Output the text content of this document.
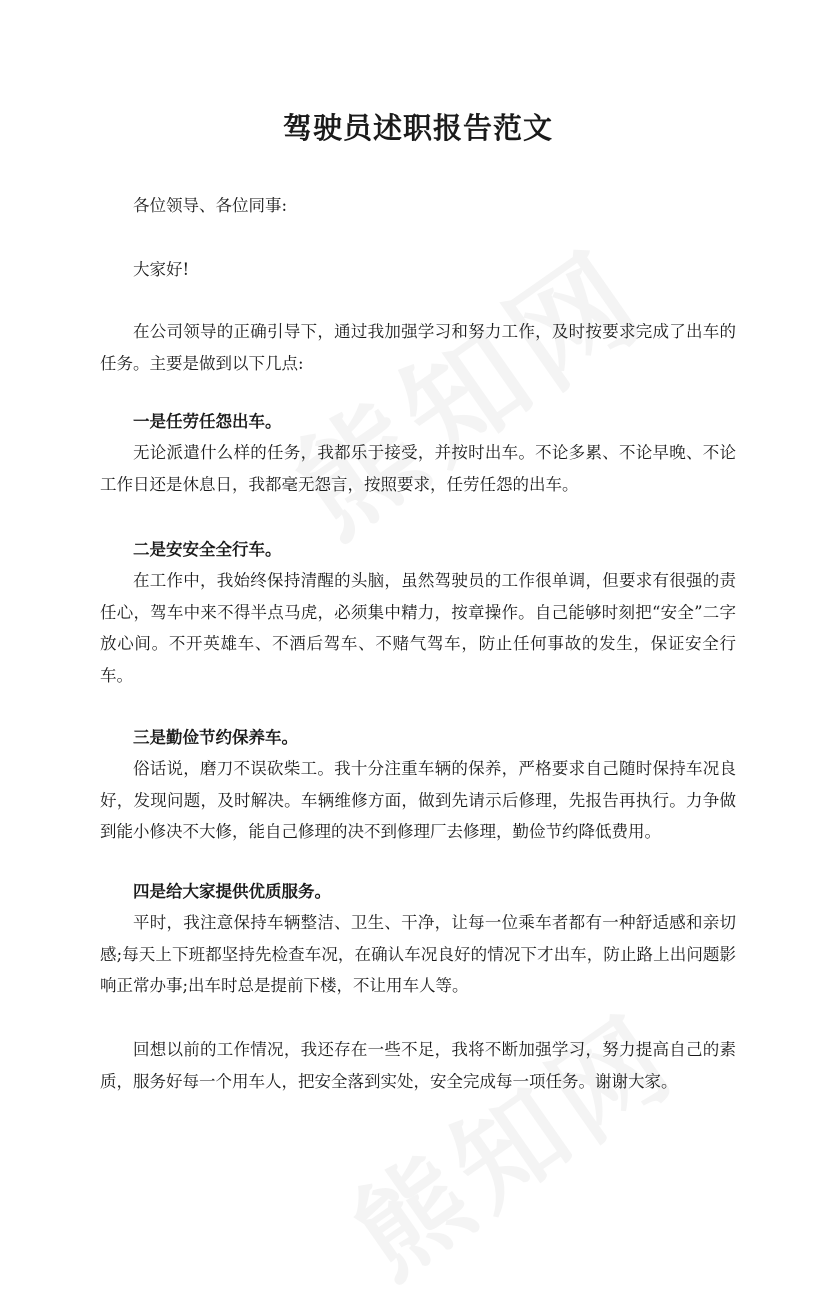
驾驶员述职报告范文

各位领导、各位同事:

大家好!

在公司领导的正确引导下，通过我加强学习和努力工作，及时按要求完成了出车的任务。主要是做到以下几点:

一是任劳任怨出车。

无论派遣什么样的任务，我都乐于接受，并按时出车。不论多累、不论早晚、不论工作日还是休息日，我都毫无怨言，按照要求，任劳任怨的出车。

二是安安全全行车。

在工作中，我始终保持清醒的头脑，虽然驾驶员的工作很单调，但要求有很强的责任心，驾车中来不得半点马虎，必须集中精力，按章操作。自己能够时刻把“安全”二字放心间。不开英雄车、不酒后驾车、不赌气驾车，防止任何事故的发生，保证安全行车。

三是勤俭节约保养车。

俗话说，磨刀不误砍柴工。我十分注重车辆的保养，严格要求自己随时保持车况良好，发现问题，及时解决。车辆维修方面，做到先请示后修理，先报告再执行。力争做到能小修决不大修，能自己修理的决不到修理厂去修理，勤俭节约降低费用。

四是给大家提供优质服务。

平时，我注意保持车辆整洁、卫生、干净，让每一位乘车者都有一种舒适感和亲切感;每天上下班都坚持先检查车况，在确认车况良好的情况下才出车，防止路上出问题影响正常办事;出车时总是提前下楼，不让用车人等。

回想以前的工作情况，我还存在一些不足，我将不断加强学习，努力提高自己的素质，服务好每一个用车人，把安全落到实处，安全完成每一项任务。谢谢大家。
